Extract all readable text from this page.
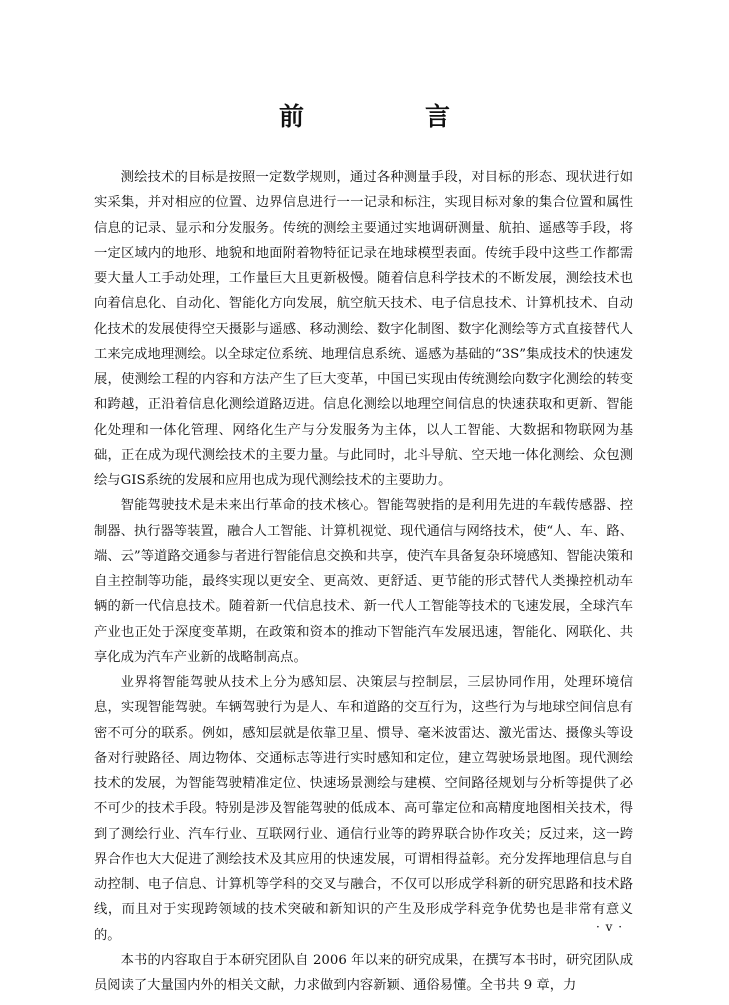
前　言

测绘技术的目标是按照一定数学规则，通过各种测量手段，对目标的形态、现状进行如实采集，并对相应的位置、边界信息进行一一记录和标注，实现目标对象的集合位置和属性信息的记录、显示和分发服务。传统的测绘主要通过实地调研测量、航拍、遥感等手段，将一定区域内的地形、地貌和地面附着物特征记录在地球模型表面。传统手段中这些工作都需要大量人工手动处理，工作量巨大且更新极慢。随着信息科学技术的不断发展，测绘技术也向着信息化、自动化、智能化方向发展，航空航天技术、电子信息技术、计算机技术、自动化技术的发展使得空天摄影与遥感、移动测绘、数字化制图、数字化测绘等方式直接替代人工来完成地理测绘。以全球定位系统、地理信息系统、遥感为基础的“3S”集成技术的快速发展，使测绘工程的内容和方法产生了巨大变革，中国已实现由传统测绘向数字化测绘的转变和跨越，正沿着信息化测绘道路迈进。信息化测绘以地理空间信息的快速获取和更新、智能化处理和一体化管理、网络化生产与分发服务为主体，以人工智能、大数据和物联网为基础，正在成为现代测绘技术的主要力量。与此同时，北斗导航、空天地一体化测绘、众包测绘与GIS系统的发展和应用也成为现代测绘技术的主要助力。

智能驾驶技术是未来出行革命的技术核心。智能驾驶指的是利用先进的车载传感器、控制器、执行器等装置，融合人工智能、计算机视觉、现代通信与网络技术，使“人、车、路、端、云”等道路交通参与者进行智能信息交换和共享，使汽车具备复杂环境感知、智能决策和自主控制等功能，最终实现以更安全、更高效、更舒适、更节能的形式替代人类操控机动车辆的新一代信息技术。随着新一代信息技术、新一代人工智能等技术的飞速发展，全球汽车产业也正处于深度变革期，在政策和资本的推动下智能汽车发展迅速，智能化、网联化、共享化成为汽车产业新的战略制高点。

业界将智能驾驶从技术上分为感知层、决策层与控制层，三层协同作用，处理环境信息，实现智能驾驶。车辆驾驶行为是人、车和道路的交互行为，这些行为与地球空间信息有密不可分的联系。例如，感知层就是依靠卫星、惯导、毫米波雷达、激光雷达、摄像头等设备对行驶路径、周边物体、交通标志等进行实时感知和定位，建立驾驶场景地图。现代测绘技术的发展，为智能驾驶精准定位、快速场景测绘与建模、空间路径规划与分析等提供了必不可少的技术手段。特别是涉及智能驾驶的低成本、高可靠定位和高精度地图相关技术，得到了测绘行业、汽车行业、互联网行业、通信行业等的跨界联合协作攻关；反过来，这一跨界合作也大大促进了测绘技术及其应用的快速发展，可谓相得益彰。充分发挥地理信息与自动控制、电子信息、计算机等学科的交叉与融合，不仅可以形成学科新的研究思路和技术路线，而且对于实现跨领域的技术突破和新知识的产生及形成学科竞争优势也是非常有意义的。

本书的内容取自于本研究团队自 2006 年以来的研究成果，在撰写本书时，研究团队成员阅读了大量国内外的相关文献，力求做到内容新颖、通俗易懂。全书共 9 章，力

· v ·
